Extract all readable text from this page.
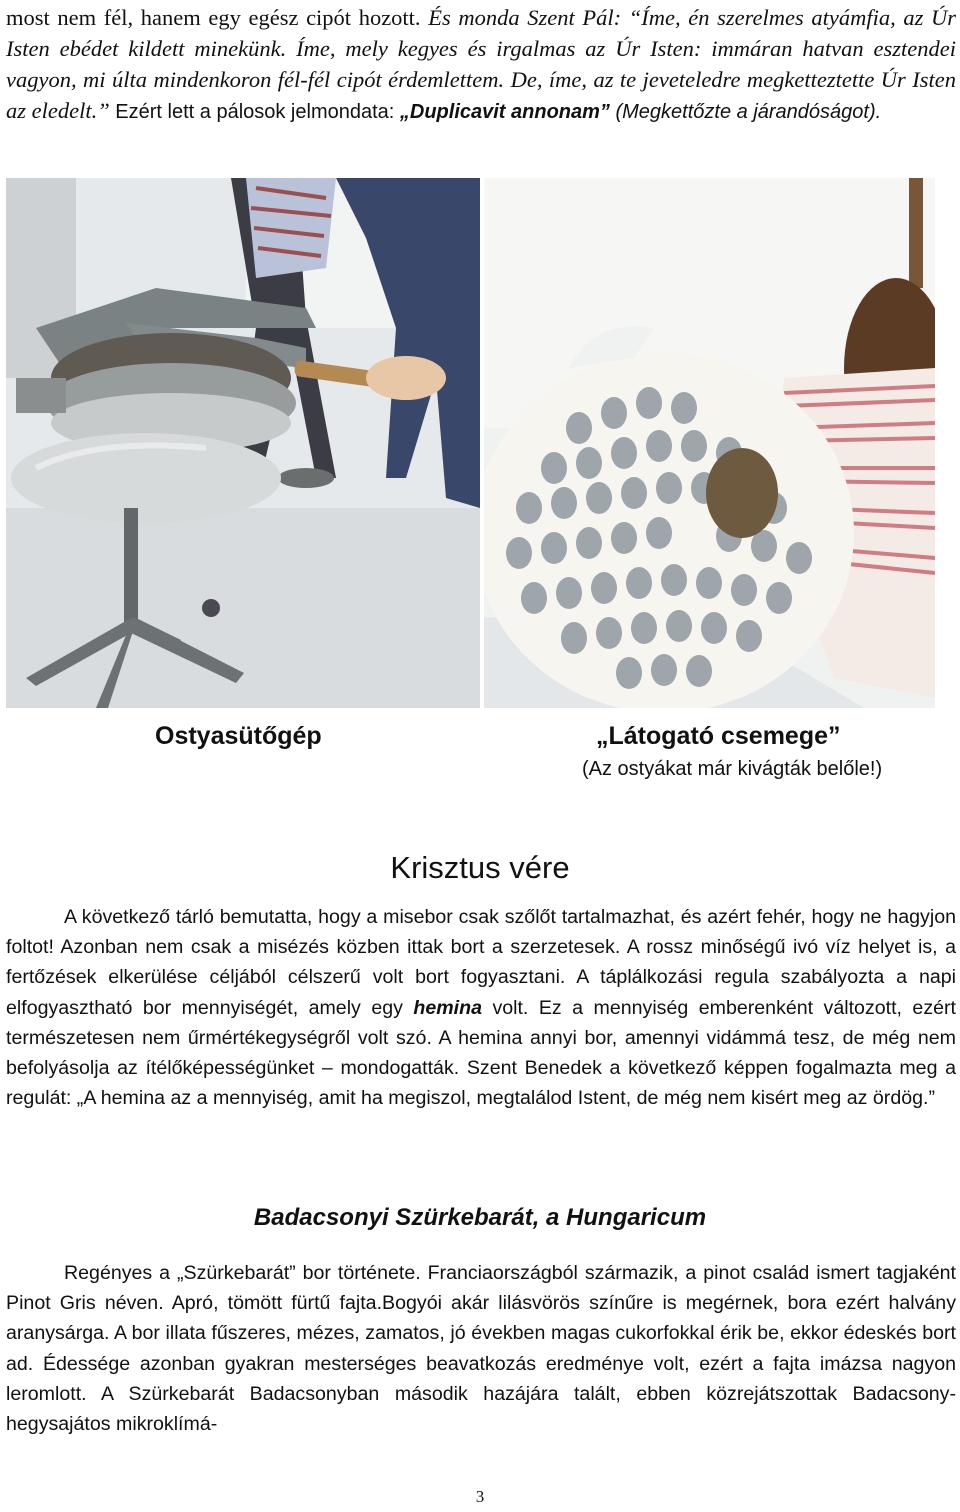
most nem fél, hanem egy egész cipót hozott. És monda Szent Pál: “Íme, én szerelmes atyámfia, az Úr Isten ebédet kildett minekünk. Íme, mely kegyes és irgalmas az Úr Isten: immáran hatvan esztendei vagyon, mi últa mindenkoron fél-fél cipót érdemlettem. De, íme, az te jeveteledre megketteztette Úr Isten az eledelt.” Ezért lett a pálosok jelmondata: „Duplicavit annonam” (Megkettőzte a járandóságot).
Ostyasütőgép	„Látogató csemege”
(Az ostyákat már kivágták belőle!)
Krisztus vére
A következő tárló bemutatta, hogy a misebor csak szőlőt tartalmazhat, és azért fehér, hogy ne hagyjon foltot! Azonban nem csak a misézés közben ittak bort a szerzetesek. A rossz minőségű ivó víz helyet is, a fertőzések elkerülése céljából célszerű volt bort fogyasztani. A táplálkozási regula szabályozta a napi elfogyasztható bor mennyiségét, amely egy hemina volt. Ez a mennyiség emberenként változott, ezért természetesen nem űrmértékegységről volt szó. A hemina annyi bor, amennyi vidámmá tesz, de még nem befolyásolja az ítélőképességünket – mondogatták. Szent Benedek a következő képpen fogalmazta meg a regulát: „A hemina az a mennyiség, amit ha megiszol, megtalálod Istent, de még nem kisért meg az ördög.”
Badacsonyi Szürkebarát, a Hungaricum
Regényes a „Szürkebarát” bor története. Franciaországból származik, a pinot család ismert tagjaként Pinot Gris néven. Apró, tömött fürtű fajta.Bogyói akár lilásvörös színűre is megérnek, bora ezért halvány aranysárga. A bor illata fűszeres, mézes, zamatos, jó években magas cukorfokkal érik be, ekkor édeskés bort ad. Édessége azonban gyakran mesterséges beavatkozás eredménye volt, ezért a fajta imázsa nagyon leromlott. A Szürkebarát Badacsonyban második hazájára talált, ebben közrejátszottak Badacsony-hegysajátos mikroklímá-
3
